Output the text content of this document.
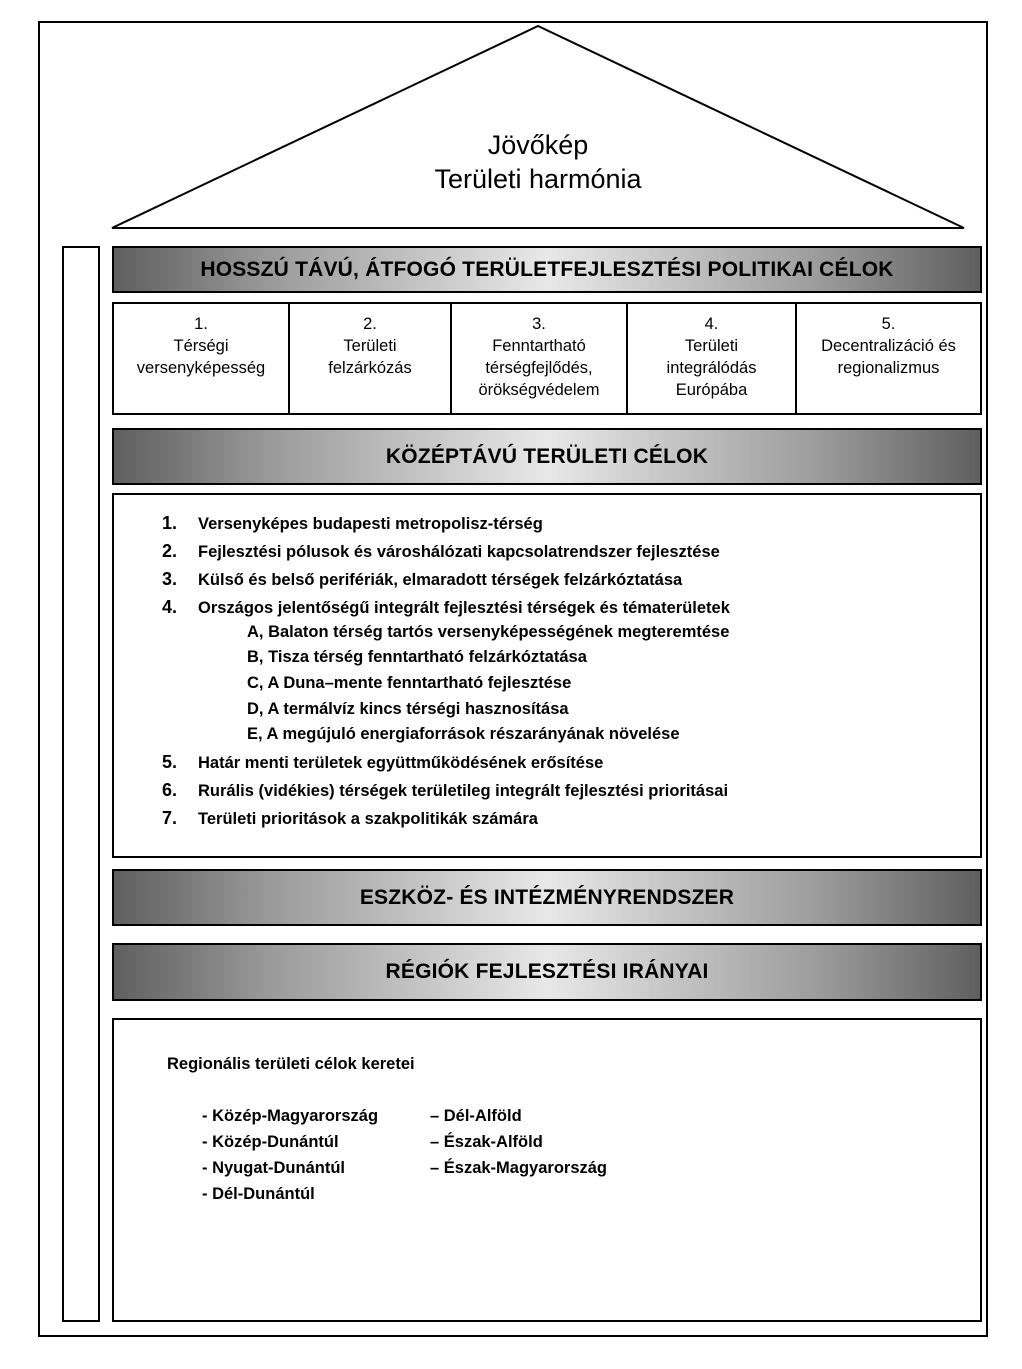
Jövőkép
Területi harmónia
HOSSZÚ TÁVÚ, ÁTFOGÓ TERÜLETFEJLESZTÉSI POLITIKAI CÉLOK
1.
Térségi
versenyképesség
2.
Területi
felzárkózás
3.
Fenntartható
térségfejlődés,
örökségvédelem
4.
Területi
integrálódás
Európába
5.
Decentralizáció és
regionalizmus
KÖZÉPTÁVÚ TERÜLETI CÉLOK
1. Versenyképes budapesti metropolisz-térség
2. Fejlesztési pólusok és városhálózati kapcsolatrendszer fejlesztése
3. Külső és belső perifériák, elmaradott térségek felzárkóztatása
4. Országos jelentőségű integrált fejlesztési térségek és tématerületek
A, Balaton térség tartós versenyképességének megteremtése
B, Tisza térség fenntartható felzárkóztatása
C, A Duna–mente fenntartható fejlesztése
D, A termálvíz kincs térségi hasznosítása
E, A megújuló energiaforrások részarányának növelése
5. Határ menti területek együttműködésének erősítése
6. Rurális (vidékies) térségek területileg integrált fejlesztési prioritásai
7. Területi prioritások a szakpolitikák számára
ESZKÖZ- ÉS INTÉZMÉNYRENDSZER
RÉGIÓK FEJLESZTÉSI IRÁNYAI
Regionális területi célok keretei
- Közép-Magyarország
- Közép-Dunántúl
- Nyugat-Dunántúl
- Dél-Dunántúl
– Dél-Alföld
– Észak-Alföld
– Észak-Magyarország
